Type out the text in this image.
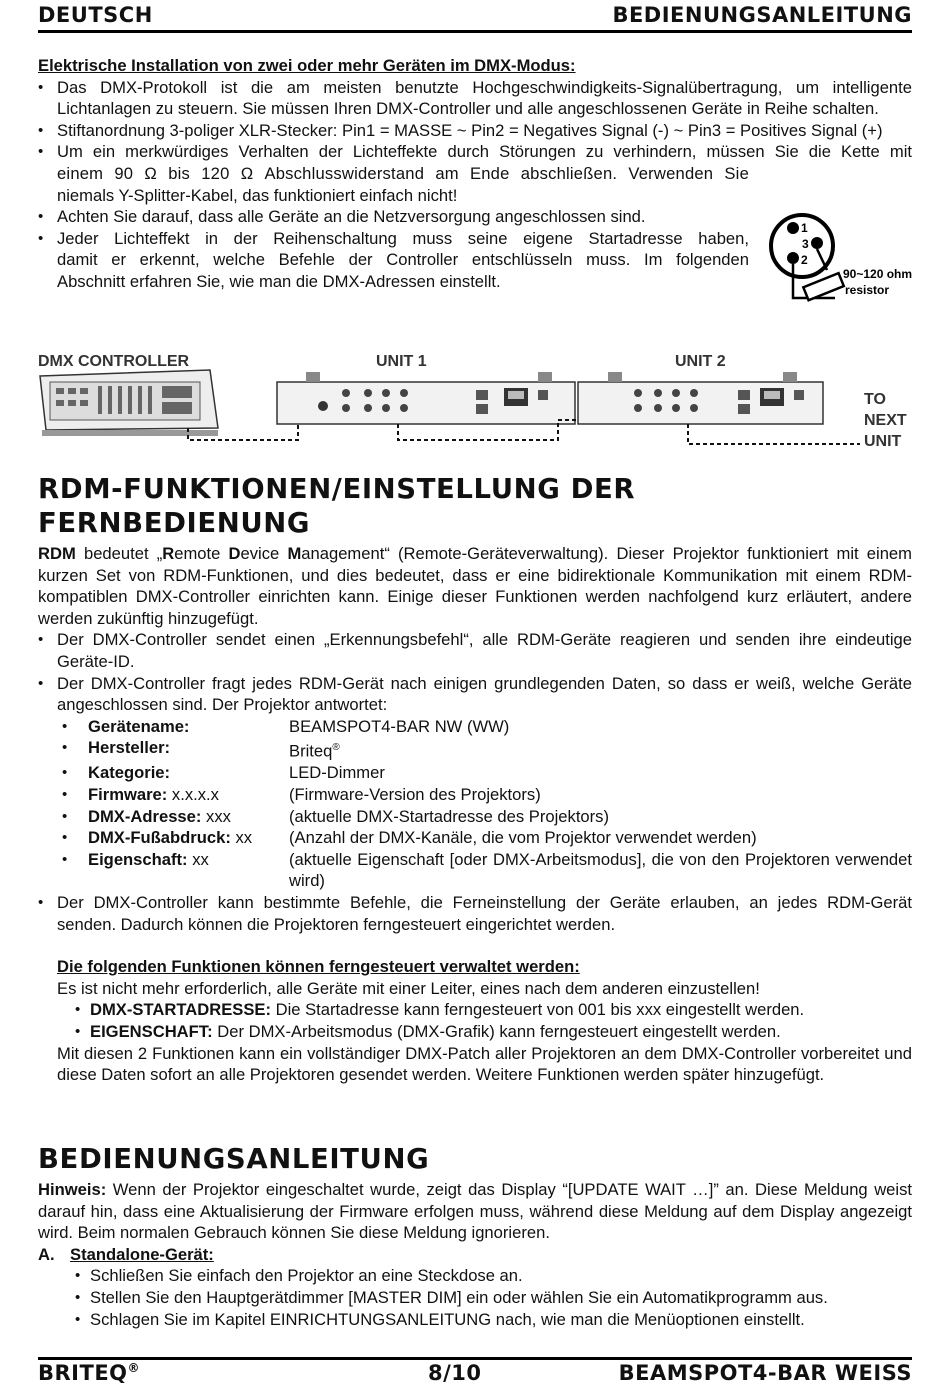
DEUTSCH	BEDIENUNGSANLEITUNG

Elektrische Installation von zwei oder mehr Geräten im DMX-Modus:

• Das DMX-Protokoll ist die am meisten benutzte Hochgeschwindigkeits-Signalübertragung, um intelligente Lichtanlagen zu steuern. Sie müssen Ihren DMX-Controller und alle angeschlossenen Geräte in Reihe schalten.
• Stiftanordnung 3-poliger XLR-Stecker: Pin1 = MASSE ~ Pin2 = Negatives Signal (-) ~ Pin3 = Positives Signal (+)
• Um ein merkwürdiges Verhalten der Lichteffekte durch Störungen zu verhindern, müssen Sie die Kette mit
einem 90 Ω bis 120 Ω Abschlusswiderstand am Ende abschließen. Verwenden Sie
niemals Y-Splitter-Kabel, das funktioniert einfach nicht!
• Achten Sie darauf, dass alle Geräte an die Netzversorgung angeschlossen sind.
• Jeder Lichteffekt in der Reihenschaltung muss seine eigene Startadresse haben,
damit er erkennt, welche Befehle der Controller entschlüsseln muss. Im folgenden
Abschnitt erfahren Sie, wie man die DMX-Adressen einstellt.
1
3
2
90~120 ohm
resistor
DMX CONTROLLER	UNIT 1	UNIT 2
TO
NEXT
UNIT

RDM-FUNKTIONEN/EINSTELLUNG DER

FERNBEDIENUNG

RDM bedeutet „Remote Device Management“ (Remote-Geräteverwaltung). Dieser Projektor funktioniert mit einem kurzen Set von RDM-Funktionen, und dies bedeutet, dass er eine bidirektionale Kommunikation mit einem RDM-kompatiblen DMX-Controller einrichten kann. Einige dieser Funktionen werden nachfolgend kurz erläutert, andere werden zukünftig hinzugefügt.

• Der DMX-Controller sendet einen „Erkennungsbefehl“, alle RDM-Geräte reagieren und senden ihre eindeutige Geräte-ID.
• Der DMX-Controller fragt jedes RDM-Gerät nach einigen grundlegenden Daten, so dass er weiß, welche Geräte angeschlossen sind. Der Projektor antwortet:
• Gerätename:	BEAMSPOT4-BAR NW (WW)
• Hersteller:	Briteq®
• Kategorie:	LED-Dimmer
• Firmware: x.x.x.x	(Firmware-Version des Projektors)
• DMX-Adresse: xxx	(aktuelle DMX-Startadresse des Projektors)
• DMX-Fußabdruck: xx	(Anzahl der DMX-Kanäle, die vom Projektor verwendet werden)
• Eigenschaft: xx	(aktuelle Eigenschaft [oder DMX-Arbeitsmodus], die von den Projektoren verwendet wird)
• Der DMX-Controller kann bestimmte Befehle, die Ferneinstellung der Geräte erlauben, an jedes RDM-Gerät senden. Dadurch können die Projektoren ferngesteuert eingerichtet werden.

Die folgenden Funktionen können ferngesteuert verwaltet werden:

Es ist nicht mehr erforderlich, alle Geräte mit einer Leiter, eines nach dem anderen einzustellen!

• DMX-STARTADRESSE: Die Startadresse kann ferngesteuert von 001 bis xxx eingestellt werden.
• EIGENSCHAFT: Der DMX-Arbeitsmodus (DMX-Grafik) kann ferngesteuert eingestellt werden.

Mit diesen 2 Funktionen kann ein vollständiger DMX-Patch aller Projektoren an dem DMX-Controller vorbereitet und diese Daten sofort an alle Projektoren gesendet werden. Weitere Funktionen werden später hinzugefügt.

BEDIENUNGSANLEITUNG

Hinweis: Wenn der Projektor eingeschaltet wurde, zeigt das Display “[UPDATE WAIT …]” an. Diese Meldung weist darauf hin, dass eine Aktualisierung der Firmware erfolgen muss, während diese Meldung auf dem Display angezeigt wird. Beim normalen Gebrauch können Sie diese Meldung ignorieren.

A. Standalone-Gerät:

• Schließen Sie einfach den Projektor an eine Steckdose an.
• Stellen Sie den Hauptgerätdimmer [MASTER DIM] ein oder wählen Sie ein Automatikprogramm aus.
• Schlagen Sie im Kapitel EINRICHTUNGSANLEITUNG nach, wie man die Menüoptionen einstellt.
BRITEQ®	8/10	BEAMSPOT4-BAR WEISS
